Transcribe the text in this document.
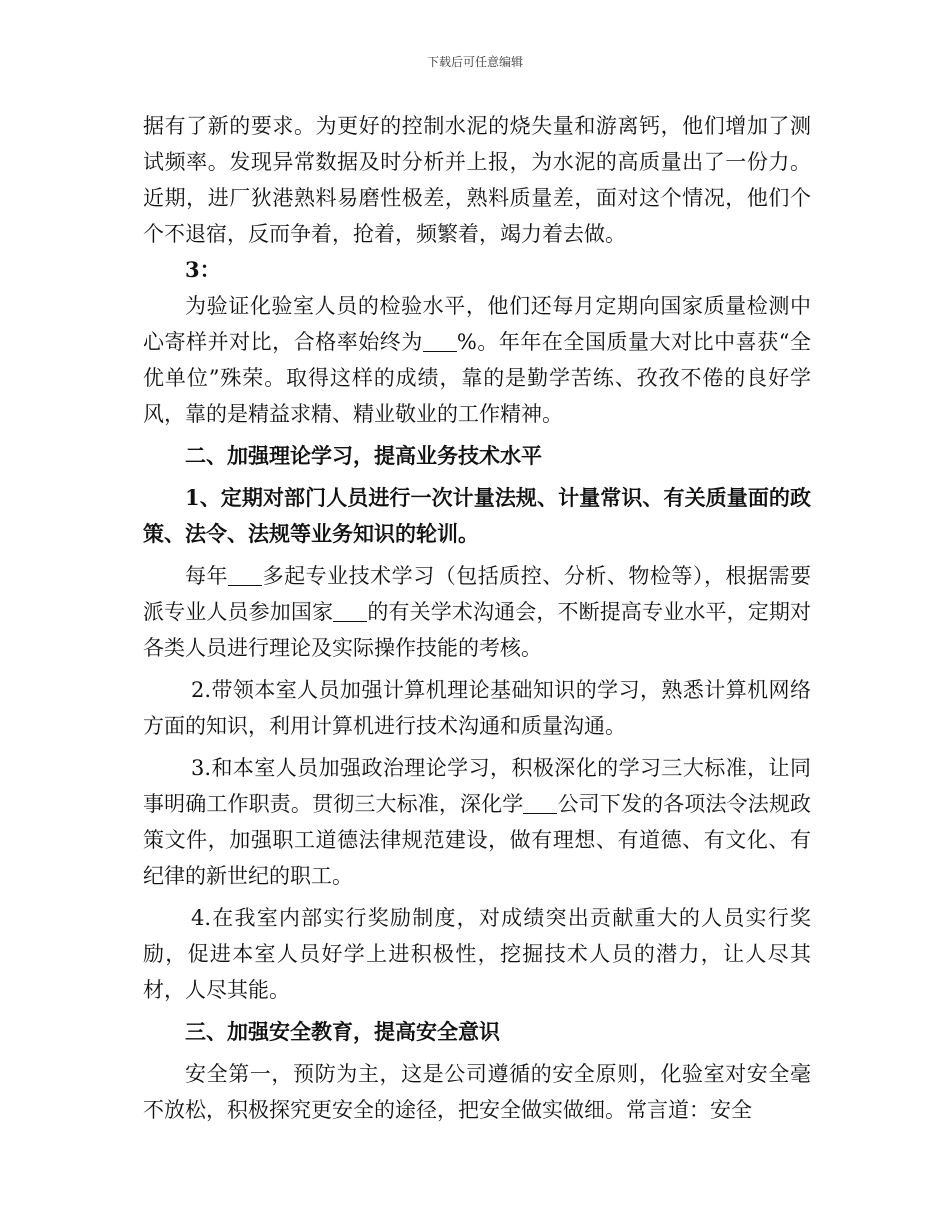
下载后可任意编辑

据有了新的要求。为更好的控制水泥的烧失量和游离钙，他们增加了测试频率。发现异常数据及时分析并上报，为水泥的高质量出了一份力。近期，进厂狄港熟料易磨性极差，熟料质量差，面对这个情况，他们个个不退宿，反而争着，抢着，频繁着，竭力着去做。

3：

为验证化验室人员的检验水平，他们还每月定期向国家质量检测中心寄样并对比，合格率始终为 %。年年在全国质量大对比中喜获“全优单位”殊荣。取得这样的成绩，靠的是勤学苦练、孜孜不倦的良好学风，靠的是精益求精、精业敬业的工作精神。

二、加强理论学习，提高业务技术水平

1、定期对部门人员进行一次计量法规、计量常识、有关质量面的政策、法令、法规等业务知识的轮训。

每年 多起专业技术学习（包括质控、分析、物检等），根据需要派专业人员参加国家 的有关学术沟通会，不断提高专业水平，定期对各类人员进行理论及实际操作技能的考核。

2.带领本室人员加强计算机理论基础知识的学习，熟悉计算机网络方面的知识，利用计算机进行技术沟通和质量沟通。

3.和本室人员加强政治理论学习，积极深化的学习三大标准，让同事明确工作职责。贯彻三大标准，深化学 公司下发的各项法令法规政策文件，加强职工道德法律规范建设，做有理想、有道德、有文化、有纪律的新世纪的职工。

4.在我室内部实行奖励制度，对成绩突出贡献重大的人员实行奖励，促进本室人员好学上进积极性，挖掘技术人员的潜力，让人尽其材，人尽其能。

三、加强安全教育，提高安全意识

安全第一，预防为主，这是公司遵循的安全原则，化验室对安全毫不放松，积极探究更安全的途径，把安全做实做细。常言道：安全
